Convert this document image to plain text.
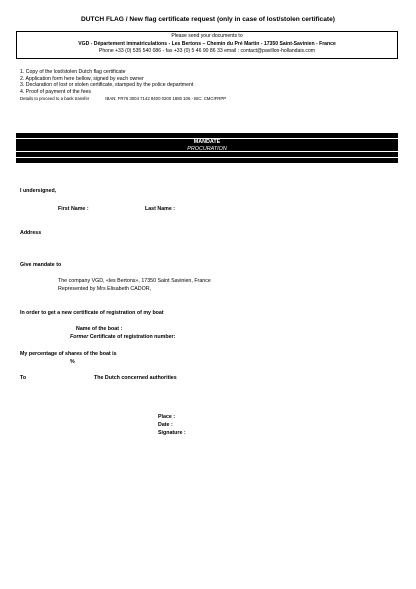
DUTCH FLAG / New flag certificate request (only in case of lost/stolen certificate)
Please send your documents to
VGD - Département immatriculations - Les Bertons – Chemin du Pré Martin - 17350 Saint-Savinien - France
Phone +33 (0) 535 540 086 - fax +33 (0) 5 46 90 86 33 email : contact@pavillon-hollandais.com
1. Copy of the lost/stolen Dutch flag certificate
2. Application form here bellow, signed by each owner
3. Declaration of lost or stolen certificate, stamped by the police department
4. Proof of payment of the fees
Details to proceed to a bank transfer	IBAN: FR76 3004 7142 8400 0200 1880 106 - BIC: CMCIFRPP
MANDATE
PROCURATION
I undersigned,
First Name :	Last Name :
Address
Give mandate to
The company VGD, «les Bertons», 17350 Saint Savinien, France
Represented by Mrs Elisabeth CADOR,
In order to get a new certificate of registration of my boat
Name of the boat :
Former Certificate of registration number:
My percentage of shares of the boat is
%
To	The Dutch concerned authorities
Place :
Date :
Signature :
